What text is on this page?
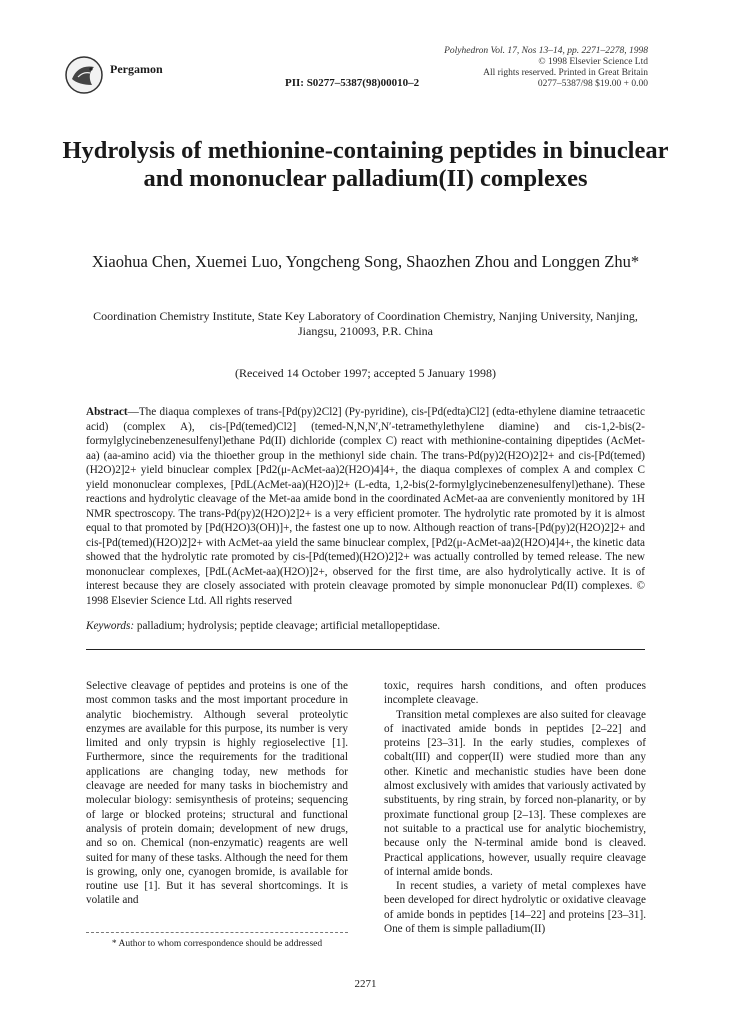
Pergamon
Polyhedron Vol. 17, Nos 13–14, pp. 2271–2278, 1998
© 1998 Elsevier Science Ltd
All rights reserved. Printed in Great Britain
0277–5387/98 $19.00 + 0.00
PII: S0277–5387(98)00010–2
Hydrolysis of methionine-containing peptides in binuclear and mononuclear palladium(II) complexes
Xiaohua Chen, Xuemei Luo, Yongcheng Song, Shaozhen Zhou and Longgen Zhu*
Coordination Chemistry Institute, State Key Laboratory of Coordination Chemistry, Nanjing University, Nanjing, Jiangsu, 210093, P.R. China
(Received 14 October 1997; accepted 5 January 1998)
Abstract—The diaqua complexes of trans-[Pd(py)2Cl2] (Py-pyridine), cis-[Pd(edta)Cl2] (edta-ethylene diamine tetraacetic acid) (complex A), cis-[Pd(temed)Cl2] (temed-N,N,N′,N′-tetramethylethylene diamine) and cis-1,2-bis(2-formylglycinebenzenesulfenyl)ethane Pd(II) dichloride (complex C) react with methionine-containing dipeptides (AcMet-aa) (aa-amino acid) via the thioether group in the methionyl side chain. The trans-Pd(py)2(H2O)2]2+ and cis-[Pd(temed)(H2O)2]2+ yield binuclear complex [Pd2(μ-AcMet-aa)2(H2O)4]4+, the diaqua complexes of complex A and complex C yield mononuclear complexes, [PdL(AcMet-aa)(H2O)]2+ (L-edta, 1,2-bis(2-formylglycinebenzenesulfenyl)ethane). These reactions and hydrolytic cleavage of the Met-aa amide bond in the coordinated AcMet-aa are conveniently monitored by 1H NMR spectroscopy. The trans-Pd(py)2(H2O)2]2+ is a very efficient promoter. The hydrolytic rate promoted by it is almost equal to that promoted by [Pd(H2O)3(OH)]+, the fastest one up to now. Although reaction of trans-[Pd(py)2(H2O)2]2+ and cis-[Pd(temed)(H2O)2]2+ with AcMet-aa yield the same binuclear complex, [Pd2(μ-AcMet-aa)2(H2O)4]4+, the kinetic data showed that the hydrolytic rate promoted by cis-[Pd(temed)(H2O)2]2+ was actually controlled by temed release. The new mononuclear complexes, [PdL(AcMet-aa)(H2O)]2+, observed for the first time, are also hydrolytically active. It is of interest because they are closely associated with protein cleavage promoted by simple mononuclear Pd(II) complexes. © 1998 Elsevier Science Ltd. All rights reserved
Keywords: palladium; hydrolysis; peptide cleavage; artificial metallopeptidase.

Selective cleavage of peptides and proteins is one of the most common tasks and the most important procedure in analytic biochemistry. Although several proteolytic enzymes are available for this purpose, its number is very limited and only trypsin is highly regioselective [1]. Furthermore, since the requirements for the traditional applications are changing today, new methods for cleavage are needed for many tasks in biochemistry and molecular biology: semisynthesis of proteins; sequencing of large or blocked proteins; structural and functional analysis of protein domain; development of new drugs, and so on. Chemical (non-enzymatic) reagents are well suited for many of these tasks. Although the need for them is growing, only one, cyanogen bromide, is available for routine use [1]. But it has several shortcomings. It is volatile and

toxic, requires harsh conditions, and often produces incomplete cleavage.

Transition metal complexes are also suited for cleavage of inactivated amide bonds in peptides [2–22] and proteins [23–31]. In the early studies, complexes of cobalt(III) and copper(II) were studied more than any other. Kinetic and mechanistic studies have been done almost exclusively with amides that variously activated by substituents, by ring strain, by forced non-planarity, or by proximate functional group [2–13]. These complexes are not suitable to a practical use for analytic biochemistry, because only the N-terminal amide bond is cleaved. Practical applications, however, usually require cleavage of internal amide bonds.

In recent studies, a variety of metal complexes have been developed for direct hydrolytic or oxidative cleavage of amide bonds in peptides [14–22] and proteins [23–31]. One of them is simple palladium(II)

* Author to whom correspondence should be addressed
2271
